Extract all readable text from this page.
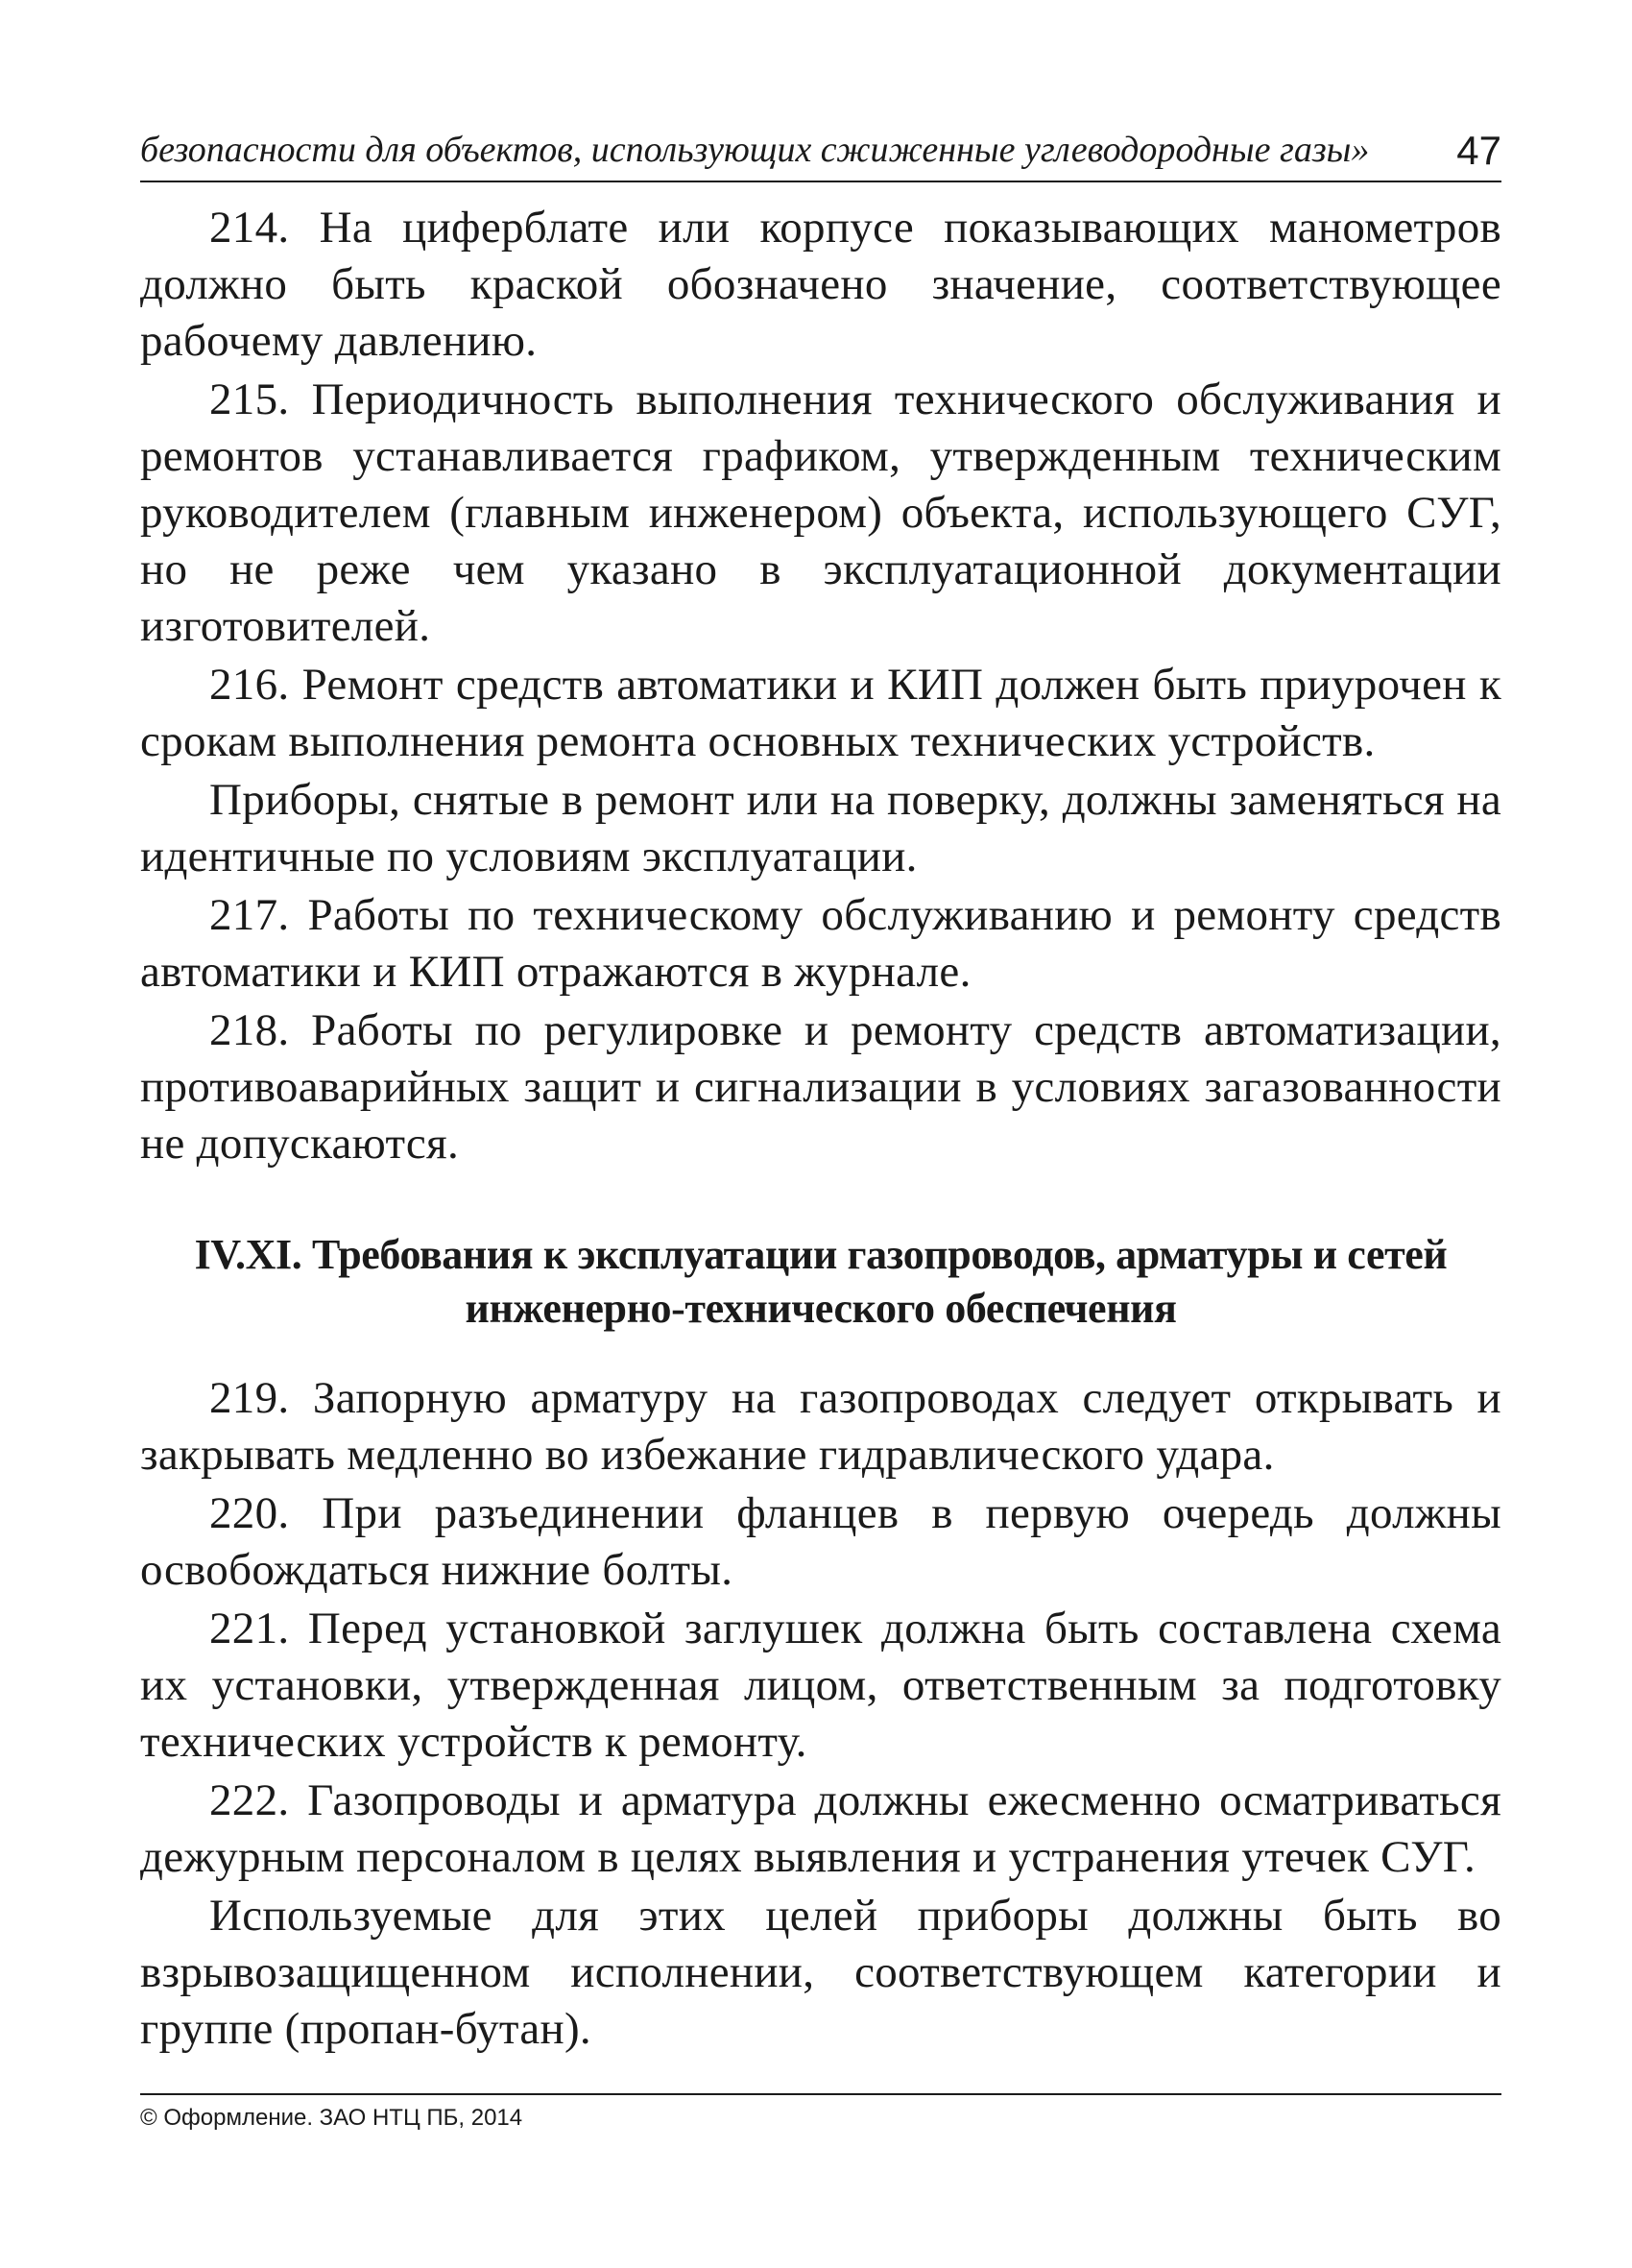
безопасности для объектов, использующих сжиженные углеводородные газы» 47

214. На циферблате или корпусе показывающих манометров должно быть краской обозначено значение, соответствующее рабочему давлению.

215. Периодичность выполнения технического обслуживания и ремонтов устанавливается графиком, утвержденным техническим руководителем (главным инженером) объекта, использующего СУГ, но не реже чем указано в эксплуатационной документации изготовителей.

216. Ремонт средств автоматики и КИП должен быть приурочен к срокам выполнения ремонта основных технических устройств.

Приборы, снятые в ремонт или на поверку, должны заменяться на идентичные по условиям эксплуатации.

217. Работы по техническому обслуживанию и ремонту средств автоматики и КИП отражаются в журнале.

218. Работы по регулировке и ремонту средств автоматизации, противоаварийных защит и сигнализации в условиях загазованности не допускаются.

IV.XI. Требования к эксплуатации газопроводов, арматуры и сетей
инженерно-технического обеспечения

219. Запорную арматуру на газопроводах следует открывать и закрывать медленно во избежание гидравлического удара.

220. При разъединении фланцев в первую очередь должны освобождаться нижние болты.

221. Перед установкой заглушек должна быть составлена схема их установки, утвержденная лицом, ответственным за подготовку технических устройств к ремонту.

222. Газопроводы и арматура должны ежесменно осматриваться дежурным персоналом в целях выявления и устранения утечек СУГ.

Используемые для этих целей приборы должны быть во взрывозащищенном исполнении, соответствующем категории и группе (пропан-бутан).

© Оформление. ЗАО НТЦ ПБ, 2014
